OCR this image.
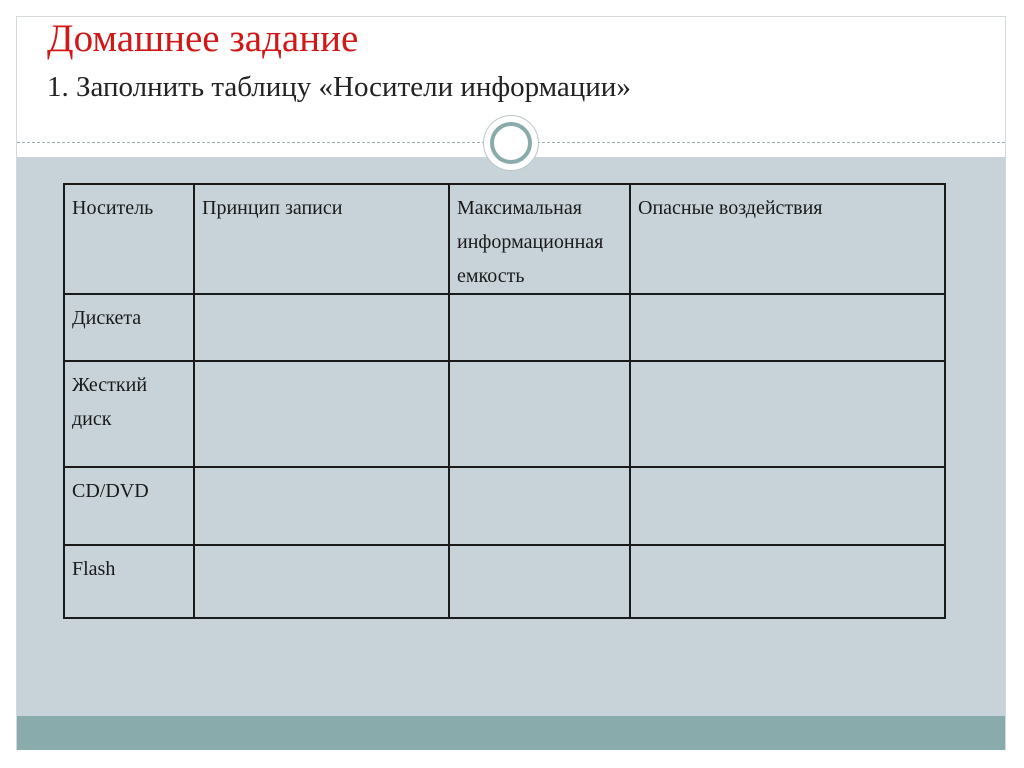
Домашнее задание
1. Заполнить таблицу «Носители информации»
Носитель	Принцип записи	Максимальная информационная емкость	Опасные воздействия
Дискета			
Жесткий диск			
CD/DVD			
Flash			
